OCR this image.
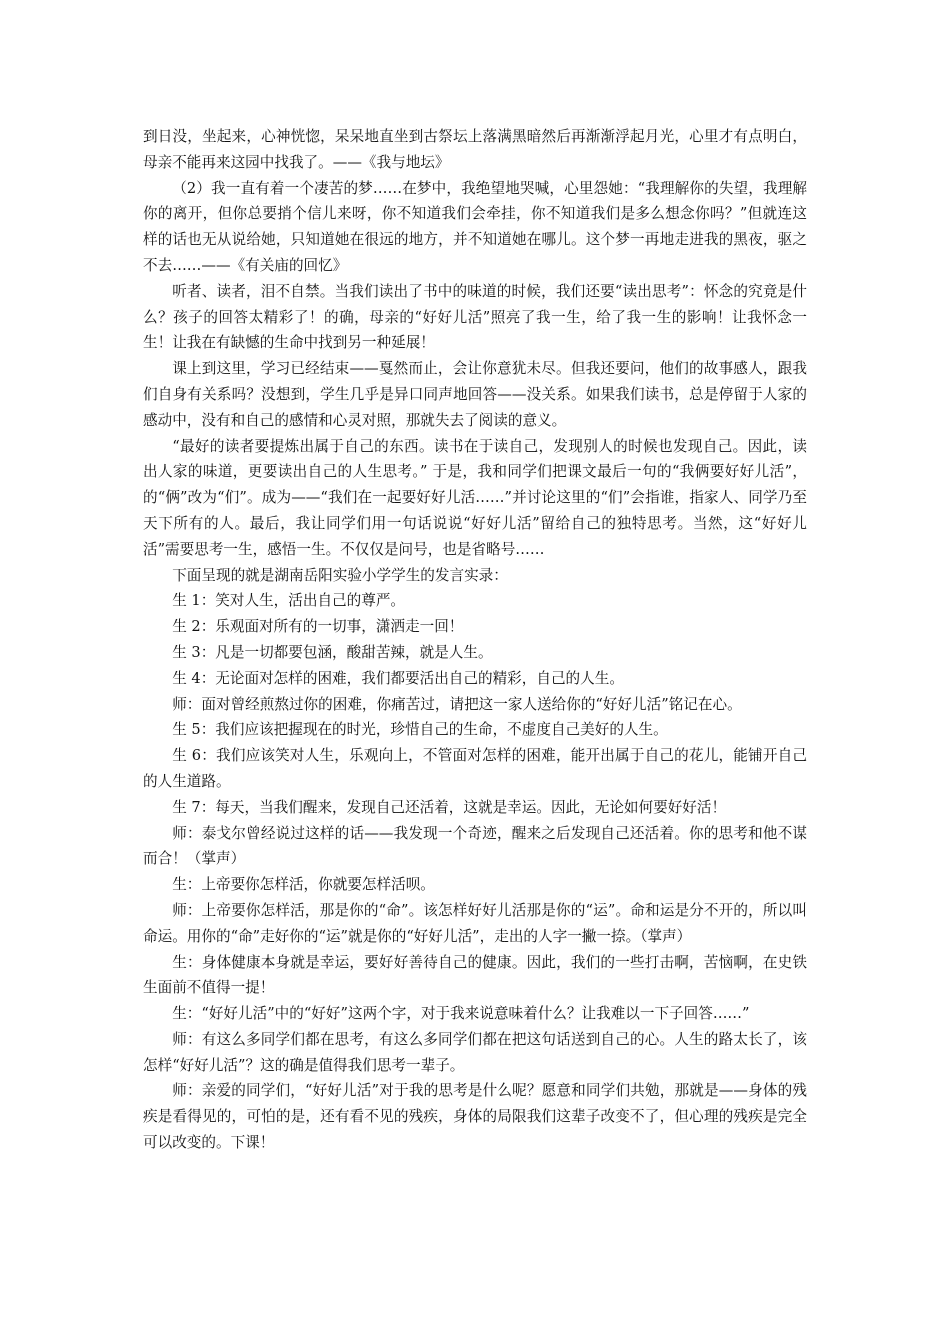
到日没，坐起来，心神恍惚，呆呆地直坐到古祭坛上落满黑暗然后再渐渐浮起月光，心里才有点明白，母亲不能再来这园中找我了。——《我与地坛》

（2）我一直有着一个凄苦的梦……在梦中，我绝望地哭喊，心里怨她：“我理解你的失望，我理解你的离开，但你总要捎个信儿来呀，你不知道我们会牵挂，你不知道我们是多么想念你吗？”但就连这样的话也无从说给她，只知道她在很远的地方，并不知道她在哪儿。这个梦一再地走进我的黑夜，驱之不去……——《有关庙的回忆》

听者、读者，泪不自禁。当我们读出了书中的味道的时候，我们还要“读出思考”：怀念的究竟是什么？孩子的回答太精彩了！的确，母亲的“好好儿活”照亮了我一生，给了我一生的影响！让我怀念一生！让我在有缺憾的生命中找到另一种延展！

课上到这里，学习已经结束——戛然而止，会让你意犹未尽。但我还要问，他们的故事感人，跟我们自身有关系吗？没想到，学生几乎是异口同声地回答——没关系。如果我们读书，总是停留于人家的感动中，没有和自己的感情和心灵对照，那就失去了阅读的意义。

“最好的读者要提炼出属于自己的东西。读书在于读自己，发现别人的时候也发现自己。因此，读出人家的味道，更要读出自己的人生思考。” 于是，我和同学们把课文最后一句的“我俩要好好儿活”，的“俩”改为“们”。成为——“我们在一起要好好儿活……”并讨论这里的“们”会指谁，指家人、同学乃至天下所有的人。最后，我让同学们用一句话说说“好好儿活”留给自己的独特思考。当然，这“好好儿活”需要思考一生，感悟一生。不仅仅是问号，也是省略号……

下面呈现的就是湖南岳阳实验小学学生的发言实录：

生 1：笑对人生，活出自己的尊严。

生 2：乐观面对所有的一切事，潇洒走一回！

生 3：凡是一切都要包涵，酸甜苦辣，就是人生。

生 4：无论面对怎样的困难，我们都要活出自己的精彩，自己的人生。

师：面对曾经煎熬过你的困难，你痛苦过，请把这一家人送给你的“好好儿活”铭记在心。

生 5：我们应该把握现在的时光，珍惜自己的生命，不虚度自己美好的人生。

生 6：我们应该笑对人生，乐观向上，不管面对怎样的困难，能开出属于自己的花儿，能铺开自己的人生道路。

生 7：每天，当我们醒来，发现自己还活着，这就是幸运。因此，无论如何要好好活！

师：泰戈尔曾经说过这样的话——我发现一个奇迹，醒来之后发现自己还活着。你的思考和他不谋而合！（掌声）

生：上帝要你怎样活，你就要怎样活呗。

师：上帝要你怎样活，那是你的“命”。该怎样好好儿活那是你的“运”。命和运是分不开的，所以叫命运。用你的“命”走好你的“运”就是你的“好好儿活”，走出的人字一撇一捺。（掌声）

生：身体健康本身就是幸运，要好好善待自己的健康。因此，我们的一些打击啊，苦恼啊，在史铁生面前不值得一提！

生：“好好儿活”中的“好好”这两个字，对于我来说意味着什么？让我难以一下子回答……”

师：有这么多同学们都在思考，有这么多同学们都在把这句话送到自己的心。人生的路太长了，该怎样“好好儿活”？这的确是值得我们思考一辈子。

师：亲爱的同学们，“好好儿活”对于我的思考是什么呢？愿意和同学们共勉，那就是——身体的残疾是看得见的，可怕的是，还有看不见的残疾，身体的局限我们这辈子改变不了，但心理的残疾是完全可以改变的。下课！
